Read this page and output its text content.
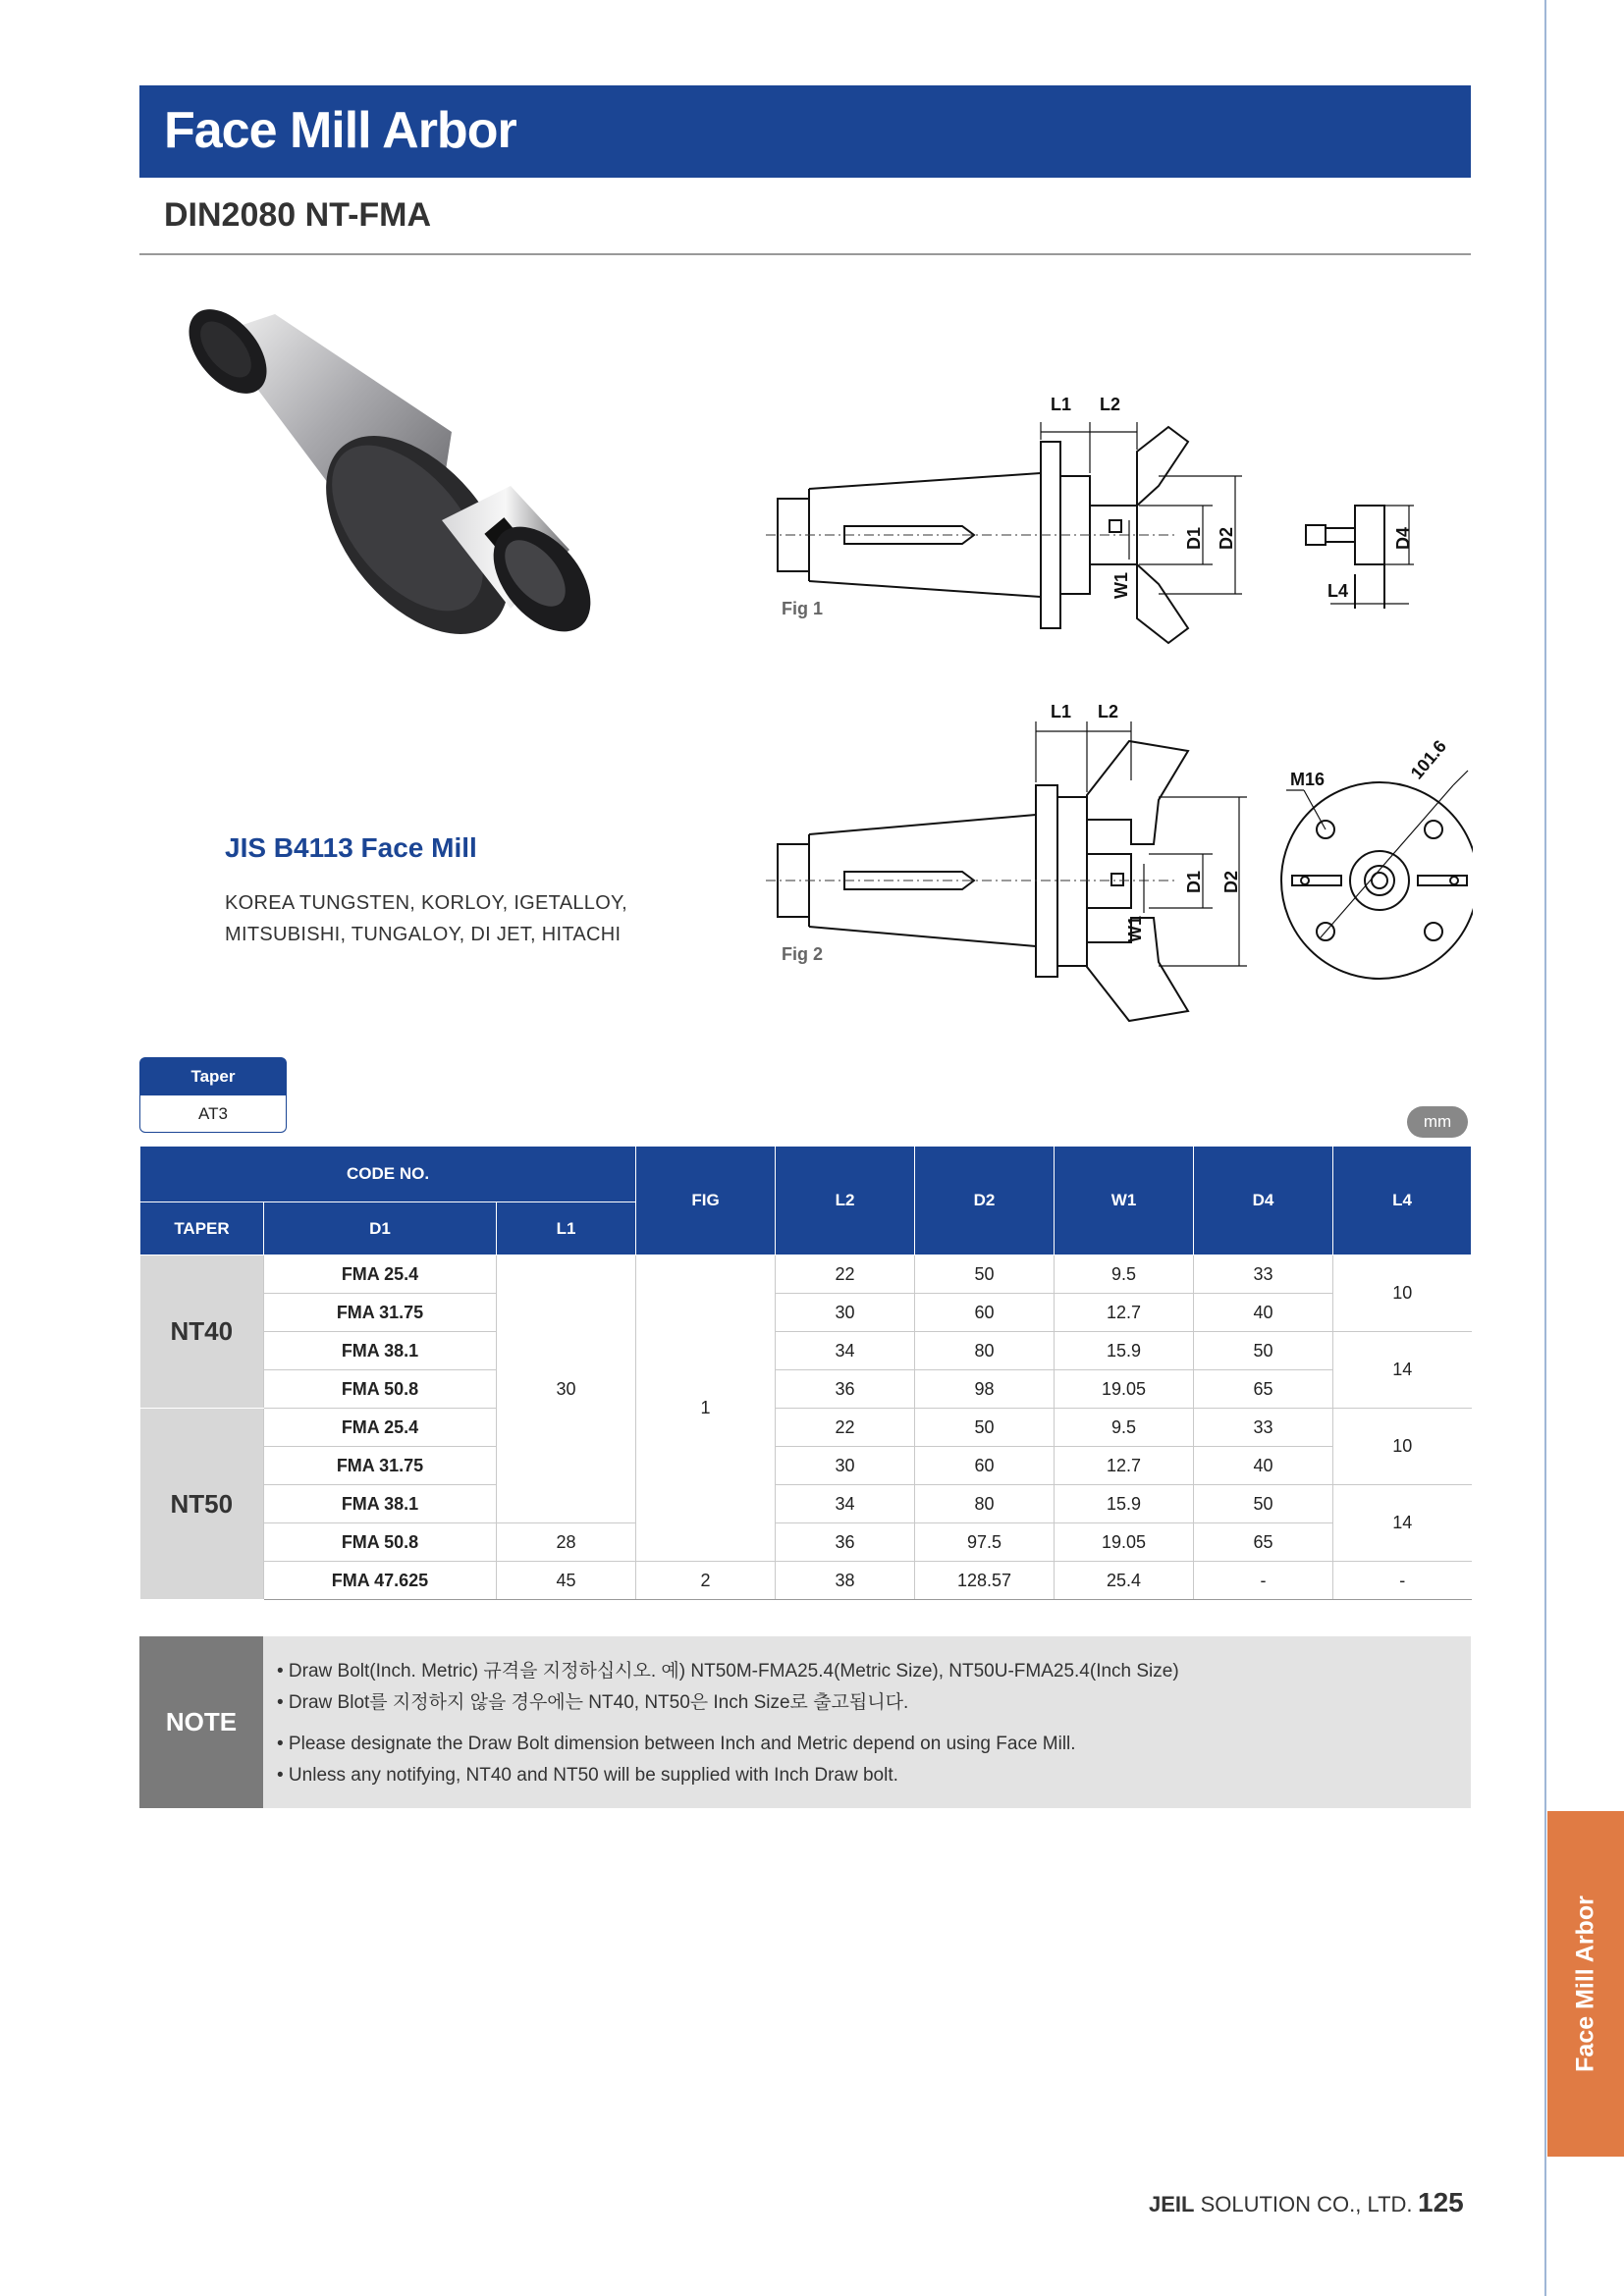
Face Mill Arbor
DIN2080 NT-FMA
Face Mill Arbor
L1 L2
D1 D2
W1	L4
D4
Fig 1
L1 L2
D1 D2
W1
M16	101.6
Fig 2
JIS B4113 Face Mill
KOREA TUNGSTEN, KORLOY, IGETALLOY,
MITSUBISHI, TUNGALOY, DI JET, HITACHI
Taper
AT3	mm
CODE NO.			FIG	L2	D2	W1	D4	L4
TAPER	D1	L1						
NT40	FMA 25.4	30	1	22	50	9.5	33	10
	FMA 31.75			30	60	12.7	40	
	FMA 38.1			34	80	15.9	50	14
	FMA 50.8			36	98	19.05	65	
NT50	FMA 25.4			22	50	9.5	33	10
	FMA 31.75			30	60	12.7	40	
	FMA 38.1			34	80	15.9	50	14
	FMA 50.8	28		36	97.5	19.05	65	
	FMA 47.625	45	2	38	128.57	25.4	-	-
NOTE
• Draw Bolt(Inch. Metric) 규격을 지정하십시오. 예) NT50M-FMA25.4(Metric Size), NT50U-FMA25.4(Inch Size)
• Draw Blot를 지정하지 않을 경우에는 NT40, NT50은 Inch Size로 출고됩니다.
• Please designate the Draw Bolt dimension between Inch and Metric depend on using Face Mill.
• Unless any notifying, NT40 and NT50 will be supplied with Inch Draw bolt.
JEIL SOLUTION CO., LTD. 125
